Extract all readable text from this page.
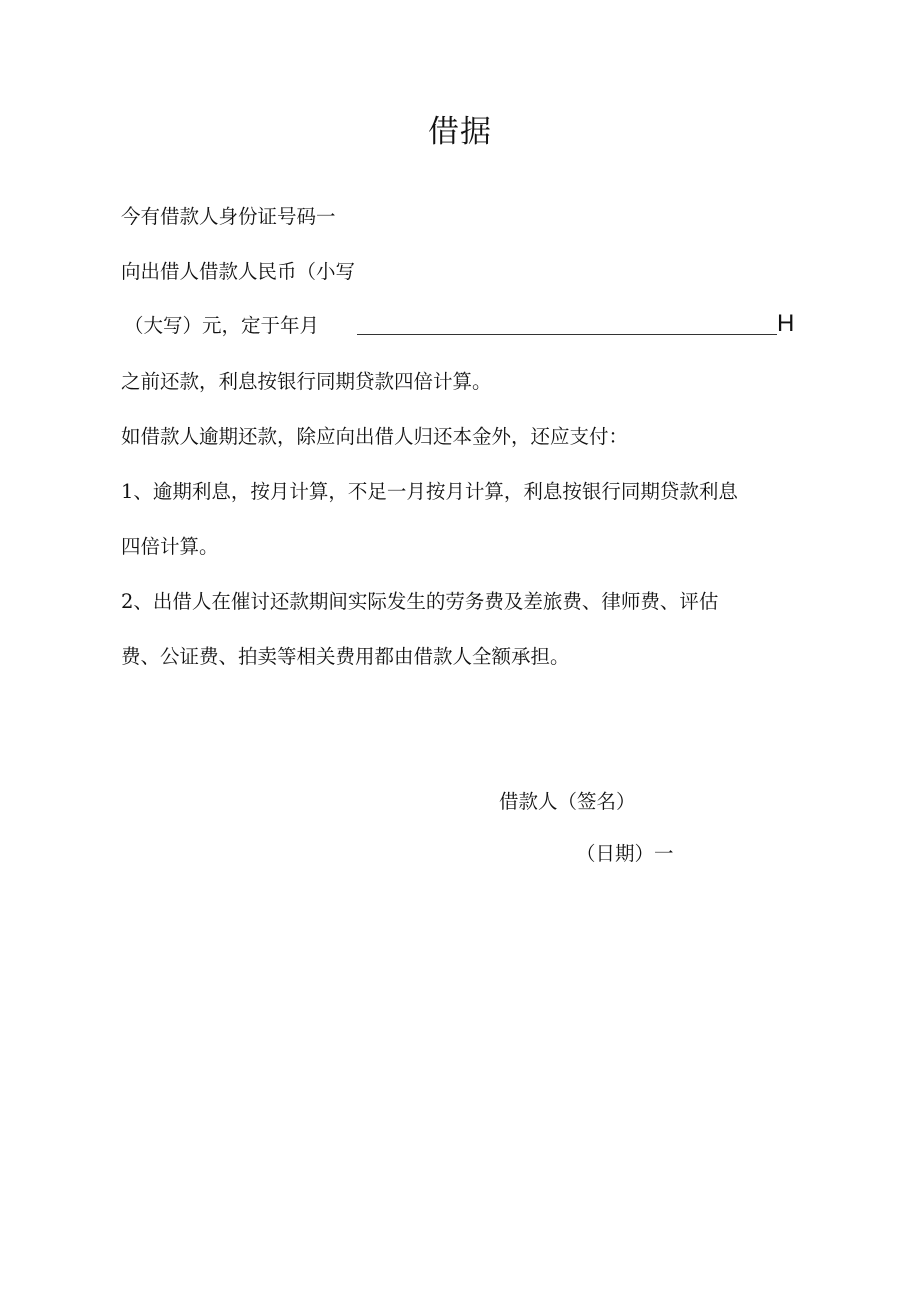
借据
今有借款人身份证号码一
向出借人借款人民币（小写
（大写）元，定于年月	H
之前还款，利息按银行同期贷款四倍计算。
如借款人逾期还款，除应向出借人归还本金外，还应支付：
1、逾期利息，按月计算，不足一月按月计算，利息按银行同期贷款利息
四倍计算。
2、出借人在催讨还款期间实际发生的劳务费及差旅费、律师费、评估
费、公证费、拍卖等相关费用都由借款人全额承担。
借款人（签名）
（日期）一
